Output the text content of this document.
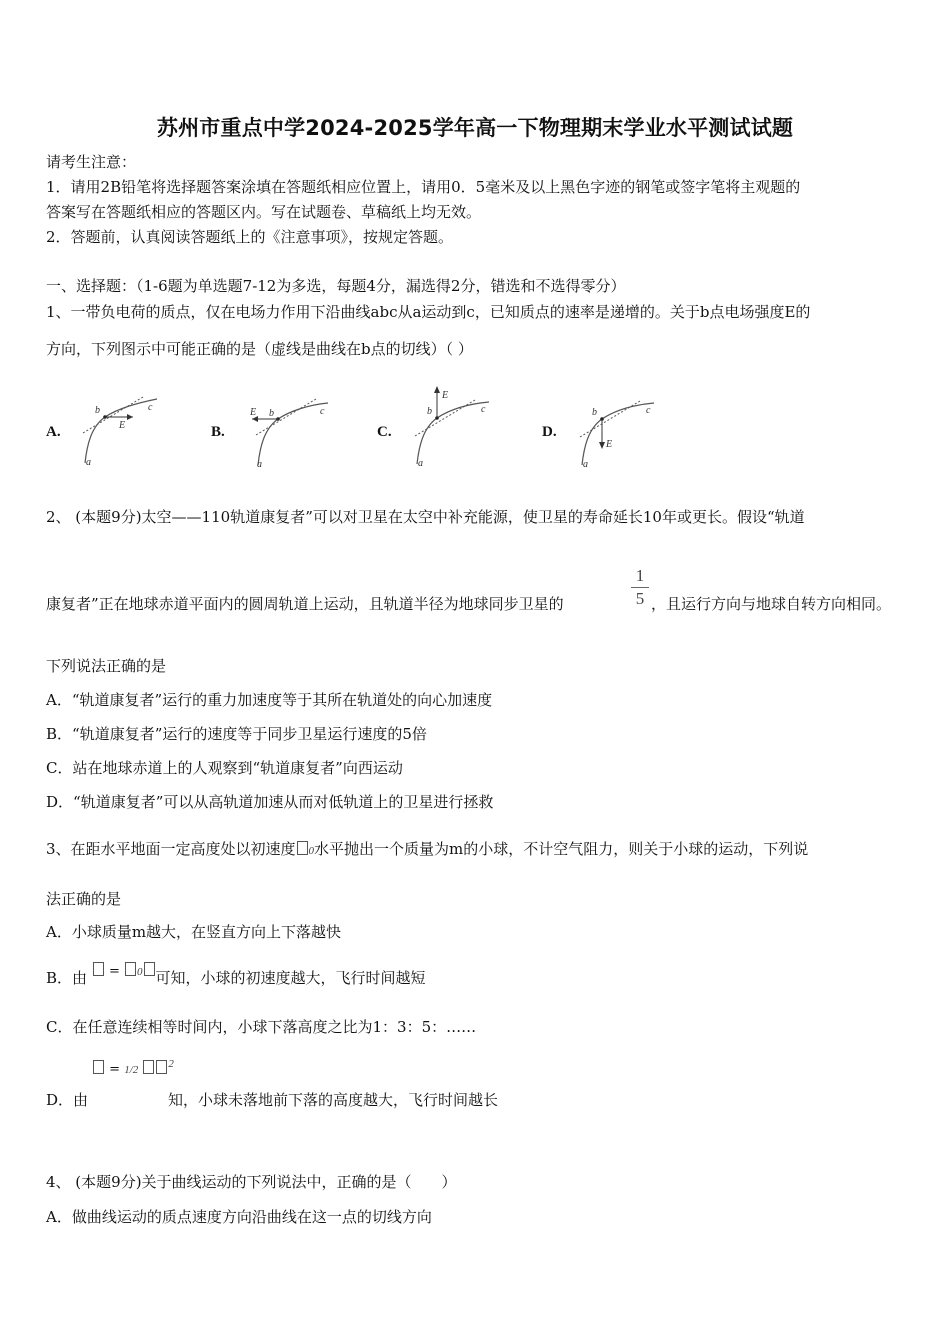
苏州市重点中学2024-2025学年高一下物理期末学业水平测试试题
请考生注意：
1．请用2B铅笔将选择题答案涂填在答题纸相应位置上，请用0．5毫米及以上黑色字迹的钢笔或签字笔将主观题的
答案写在答题纸相应的答题区内。写在试题卷、草稿纸上均无效。
2．答题前，认真阅读答题纸上的《注意事项》，按规定答题。
一、选择题：（1-6题为单选题7-12为多选，每题4分，漏选得2分，错选和不选得零分）
1、一带负电荷的质点，仅在电场力作用下沿曲线abc从a运动到c，已知质点的速率是递增的。关于b点电场强度E的
方向，下列图示中可能正确的是（虚线是曲线在b点的切线）（ ）
A.	B.	C.	D.
a
b	c
E
a
b	c
E
a
b	c
E
a
b	c
E
2、 (本题9分)太空——110轨道康复者”可以对卫星在太空中补充能源，使卫星的寿命延长10年或更长。假设“轨道
康复者”正在地球赤道平面内的圆周轨道上运动，且轨道半径为地球同步卫星的
1
5 ，且运行方向与地球自转方向相同。
下列说法正确的是
A．“轨道康复者”运行的重力加速度等于其所在轨道处的向心加速度
B．“轨道康复者”运行的速度等于同步卫星运行速度的5倍
C．站在地球赤道上的人观察到“轨道康复者”向西运动
D．“轨道康复者”可以从高轨道加速从而对低轨道上的卫星进行拯救
3、在距水平地面一定高度处以初速度 0水平抛出一个质量为m的小球，不计空气阻力，则关于小球的运动，下列说
法正确的是
A．小球质量m越大，在竖直方向上下落越快
B．由 = 0 可知，小球的初速度越大，飞行时间越短
C．在任意连续相等时间内，小球下落高度之比为1：3：5：……
= 1/2	$^2$
D．由	知，小球未落地前下落的高度越大，飞行时间越长
4、 (本题9分)关于曲线运动的下列说法中，正确的是（　　）
A．做曲线运动的质点速度方向沿曲线在这一点的切线方向
